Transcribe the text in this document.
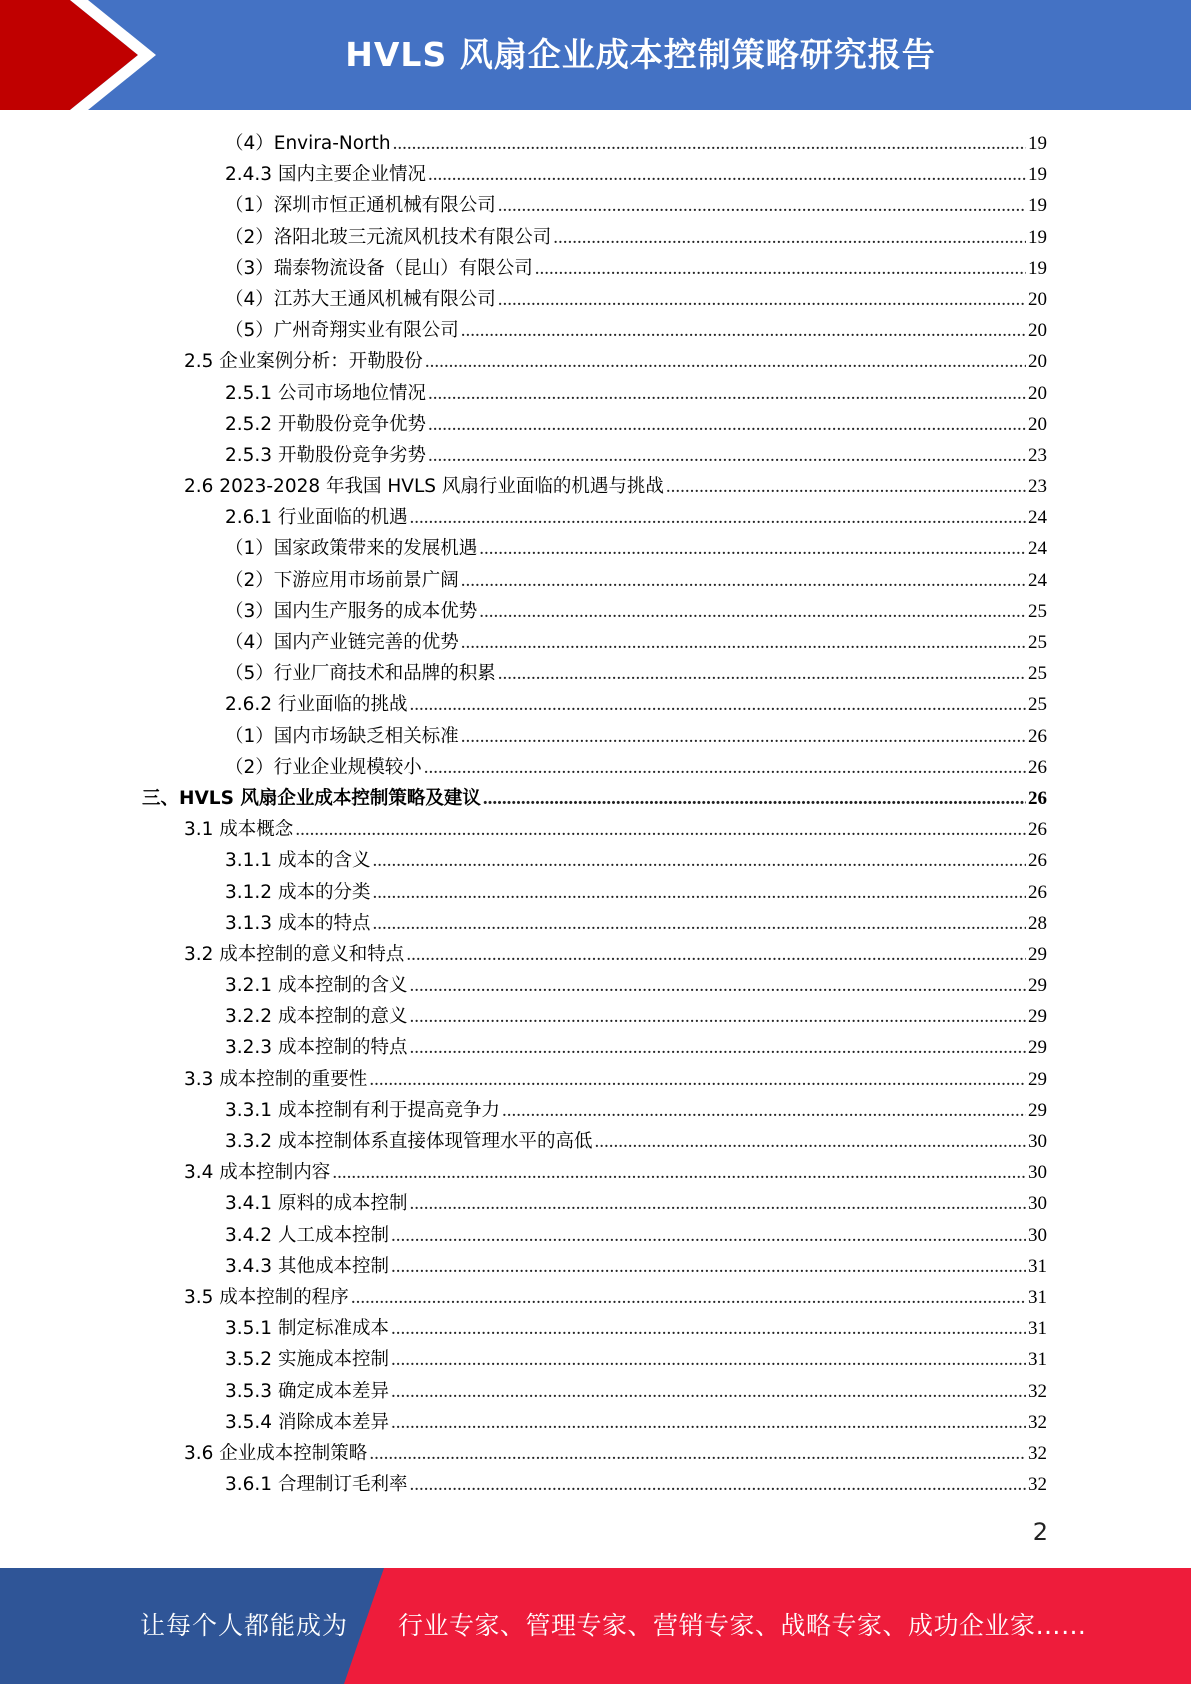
HVLS 风扇企业成本控制策略研究报告
（4）Envira-North .....	19
2.4.3 国内主要企业情况 .....	19
（1）深圳市恒正通机械有限公司 .....	19
（2）洛阳北玻三元流风机技术有限公司 .....	19
（3）瑞泰物流设备（昆山）有限公司 .....	19
（4）江苏大王通风机械有限公司 .....	20
（5）广州奇翔实业有限公司 .....	20
2.5 企业案例分析：开勒股份 .....	20
2.5.1 公司市场地位情况 .....	20
2.5.2 开勒股份竞争优势 .....	20
2.5.3 开勒股份竞争劣势 .....	23
2.6 2023-2028 年我国 HVLS 风扇行业面临的机遇与挑战 .....	23
2.6.1 行业面临的机遇 .....	24
（1）国家政策带来的发展机遇 .....	24
（2）下游应用市场前景广阔 .....	24
（3）国内生产服务的成本优势 .....	25
（4）国内产业链完善的优势 .....	25
（5）行业厂商技术和品牌的积累 .....	25
2.6.2 行业面临的挑战 .....	25
（1）国内市场缺乏相关标准 .....	26
（2）行业企业规模较小 .....	26
三、HVLS 风扇企业成本控制策略及建议 .....	26
3.1 成本概念 .....	26
3.1.1 成本的含义 .....	26
3.1.2 成本的分类 .....	26
3.1.3 成本的特点 .....	28
3.2 成本控制的意义和特点 .....	29
3.2.1 成本控制的含义 .....	29
3.2.2 成本控制的意义 .....	29
3.2.3 成本控制的特点 .....	29
3.3 成本控制的重要性 .....	29
3.3.1 成本控制有利于提高竞争力 .....	29
3.3.2 成本控制体系直接体现管理水平的高低 .....	30
3.4 成本控制内容 .....	30
3.4.1 原料的成本控制 .....	30
3.4.2 人工成本控制 .....	30
3.4.3 其他成本控制 .....	31
3.5 成本控制的程序 .....	31
3.5.1 制定标准成本 .....	31
3.5.2 实施成本控制 .....	31
3.5.3 确定成本差异 .....	32
3.5.4 消除成本差异 .....	32
3.6 企业成本控制策略 .....	32
3.6.1 合理制订毛利率 .....	32
2
让每个人都能成为 行业专家、管理专家、营销专家、战略专家、成功企业家……
